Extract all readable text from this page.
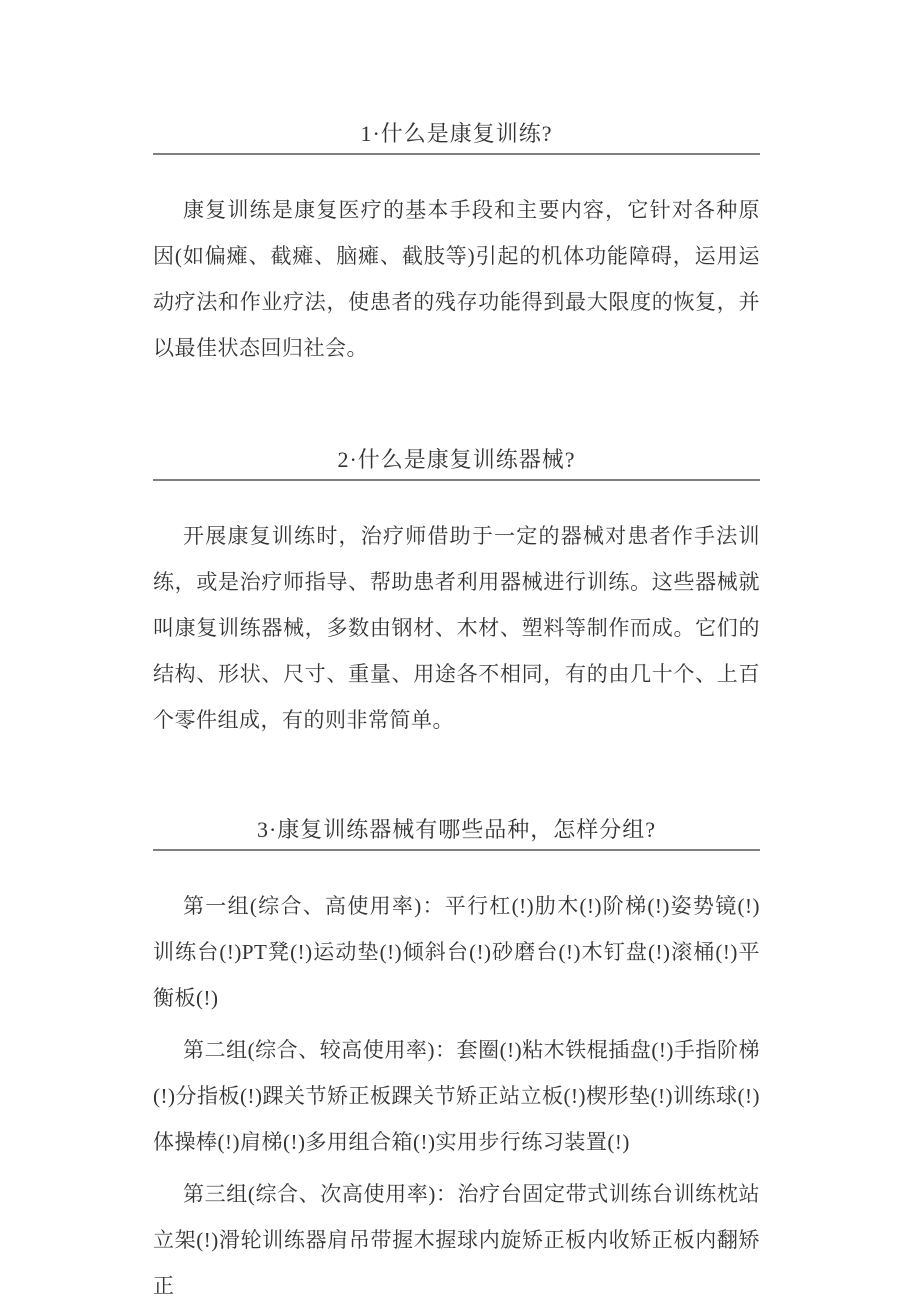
1·什么是康复训练?

康复训练是康复医疗的基本手段和主要内容，它针对各种原因(如偏瘫、截瘫、脑瘫、截肢等)引起的机体功能障碍，运用运动疗法和作业疗法，使患者的残存功能得到最大限度的恢复，并以最佳状态回归社会。

2·什么是康复训练器械?

开展康复训练时，治疗师借助于一定的器械对患者作手法训练，或是治疗师指导、帮助患者利用器械进行训练。这些器械就叫康复训练器械，多数由钢材、木材、塑料等制作而成。它们的结构、形状、尺寸、重量、用途各不相同，有的由几十个、上百个零件组成，有的则非常简单。

3·康复训练器械有哪些品种，怎样分组?

第一组(综合、高使用率)：平行杠(!)肋木(!)阶梯(!)姿势镜(!)训练台(!)PT凳(!)运动垫(!)倾斜台(!)砂磨台(!)木钉盘(!)滚桶(!)平衡板(!)

第二组(综合、较高使用率)：套圈(!)粘木铁棍插盘(!)手指阶梯(!)分指板(!)踝关节矫正板踝关节矫正站立板(!)楔形垫(!)训练球(!)体操棒(!)肩梯(!)多用组合箱(!)实用步行练习装置(!)

第三组(综合、次高使用率)：治疗台固定带式训练台训练枕站立架(!)滑轮训练器肩吊带握木握球内旋矫正板内收矫正板内翻矫正
